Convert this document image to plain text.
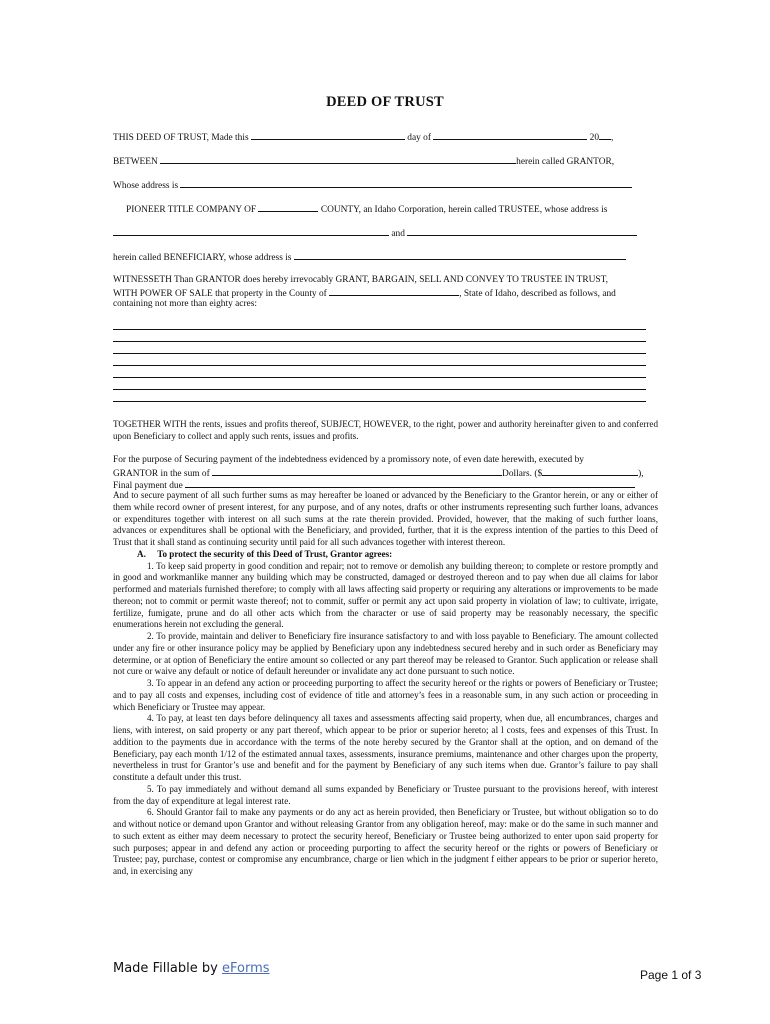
DEED OF TRUST
THIS DEED OF TRUST, Made this	day of	20 ,
BETWEEN	herein called GRANTOR,
Whose address is
PIONEER TITLE COMPANY OF	COUNTY, an Idaho Corporation, herein called TRUSTEE, whose address is
and
herein called BENEFICIARY, whose address is
WITNESSETH Than GRANTOR does hereby irrevocably GRANT, BARGAIN, SELL AND CONVEY TO TRUSTEE IN TRUST,
WITH POWER OF SALE that property in the County of	, State of Idaho, described as follows, and
containing not more than eighty acres:
TOGETHER WITH the rents, issues and profits thereof, SUBJECT, HOWEVER, to the right, power and authority hereinafter given to and conferred upon Beneficiary to collect and apply such rents, issues and profits.
For the purpose of Securing payment of the indebtedness evidenced by a promissory note, of even date herewith, executed by
GRANTOR in the sum of	Dollars. ($	),
Final payment due

And to secure payment of all such further sums as may hereafter be loaned or advanced by the Beneficiary to the Grantor herein, or any or either of them while record owner of present interest, for any purpose, and of any notes, drafts or other instruments representing such further loans, advances or expenditures together with interest on all such sums at the rate therein provided. Provided, however, that the making of such further loans, advances or expenditures shall be optional with the Beneficiary, and provided, further, that it is the express intention of the parties to this Deed of Trust that it shall stand as continuing security until paid for all such advances together with interest thereon.

A.     To protect the security of this Deed of Trust, Grantor agrees:

1. To keep said property in good condition and repair; not to remove or demolish any building thereon; to complete or restore promptly and in good and workmanlike manner any building which may be constructed, damaged or destroyed thereon and to pay when due all claims for labor performed and materials furnished therefore; to comply with all laws affecting said property or requiring any alterations or improvements to be made thereon; not to commit or permit waste thereof; not to commit, suffer or permit any act upon said property in violation of law; to cultivate, irrigate, fertilize, fumigate, prune and do all other acts which from the character or use of said property may be reasonably necessary, the specific enumerations herein not excluding the general.

2. To provide, maintain and deliver to Beneficiary fire insurance satisfactory to and with loss payable to Beneficiary. The amount collected under any fire or other insurance policy may be applied by Beneficiary upon any indebtedness secured hereby and in such order as Beneficiary may determine, or at option of Beneficiary the entire amount so collected or any part thereof may be released to Grantor. Such application or release shall not cure or waive any default or notice of default hereunder or invalidate any act done pursuant to such notice.

3. To appear in an defend any action or proceeding purporting to affect the security hereof or the rights or powers of Beneficiary or Trustee; and to pay all costs and expenses, including cost of evidence of title and attorney’s fees in a reasonable sum, in any such action or proceeding in which Beneficiary or Trustee may appear.

4. To pay, at least ten days before delinquency all taxes and assessments affecting said property, when due, all encumbrances, charges and liens, with interest, on said property or any part thereof, which appear to be prior or superior hereto; al l costs, fees and expenses of this Trust. In addition to the payments due in accordance with the terms of the note hereby secured by the Grantor shall at the option, and on demand of the Beneficiary, pay each month 1/12 of the estimated annual taxes, assessments, insurance premiums, maintenance and other charges upon the property, nevertheless in trust for Grantor’s use and benefit and for the payment by Beneficiary of any such items when due. Grantor’s failure to pay shall constitute a default under this trust.

5. To pay immediately and without demand all sums expanded by Beneficiary or Trustee pursuant to the provisions hereof, with interest from the day of expenditure at legal interest rate.

6. Should Grantor fail to make any payments or do any act as herein provided, then Beneficiary or Trustee, but without obligation so to do and without notice or demand upon Grantor and without releasing Grantor from any obligation hereof, may: make or do the same in such manner and to such extent as either may deem necessary to protect the security hereof, Beneficiary or Trustee being authorized to enter upon said property for such purposes; appear in and defend any action or proceeding purporting to affect the security hereof or the rights or powers of Beneficiary or Trustee; pay, purchase, contest or compromise any encumbrance, charge or lien which in the judgment f either appears to be prior or superior hereto, and, in exercising any

Made Fillable by eForms	Page 1 of 3
